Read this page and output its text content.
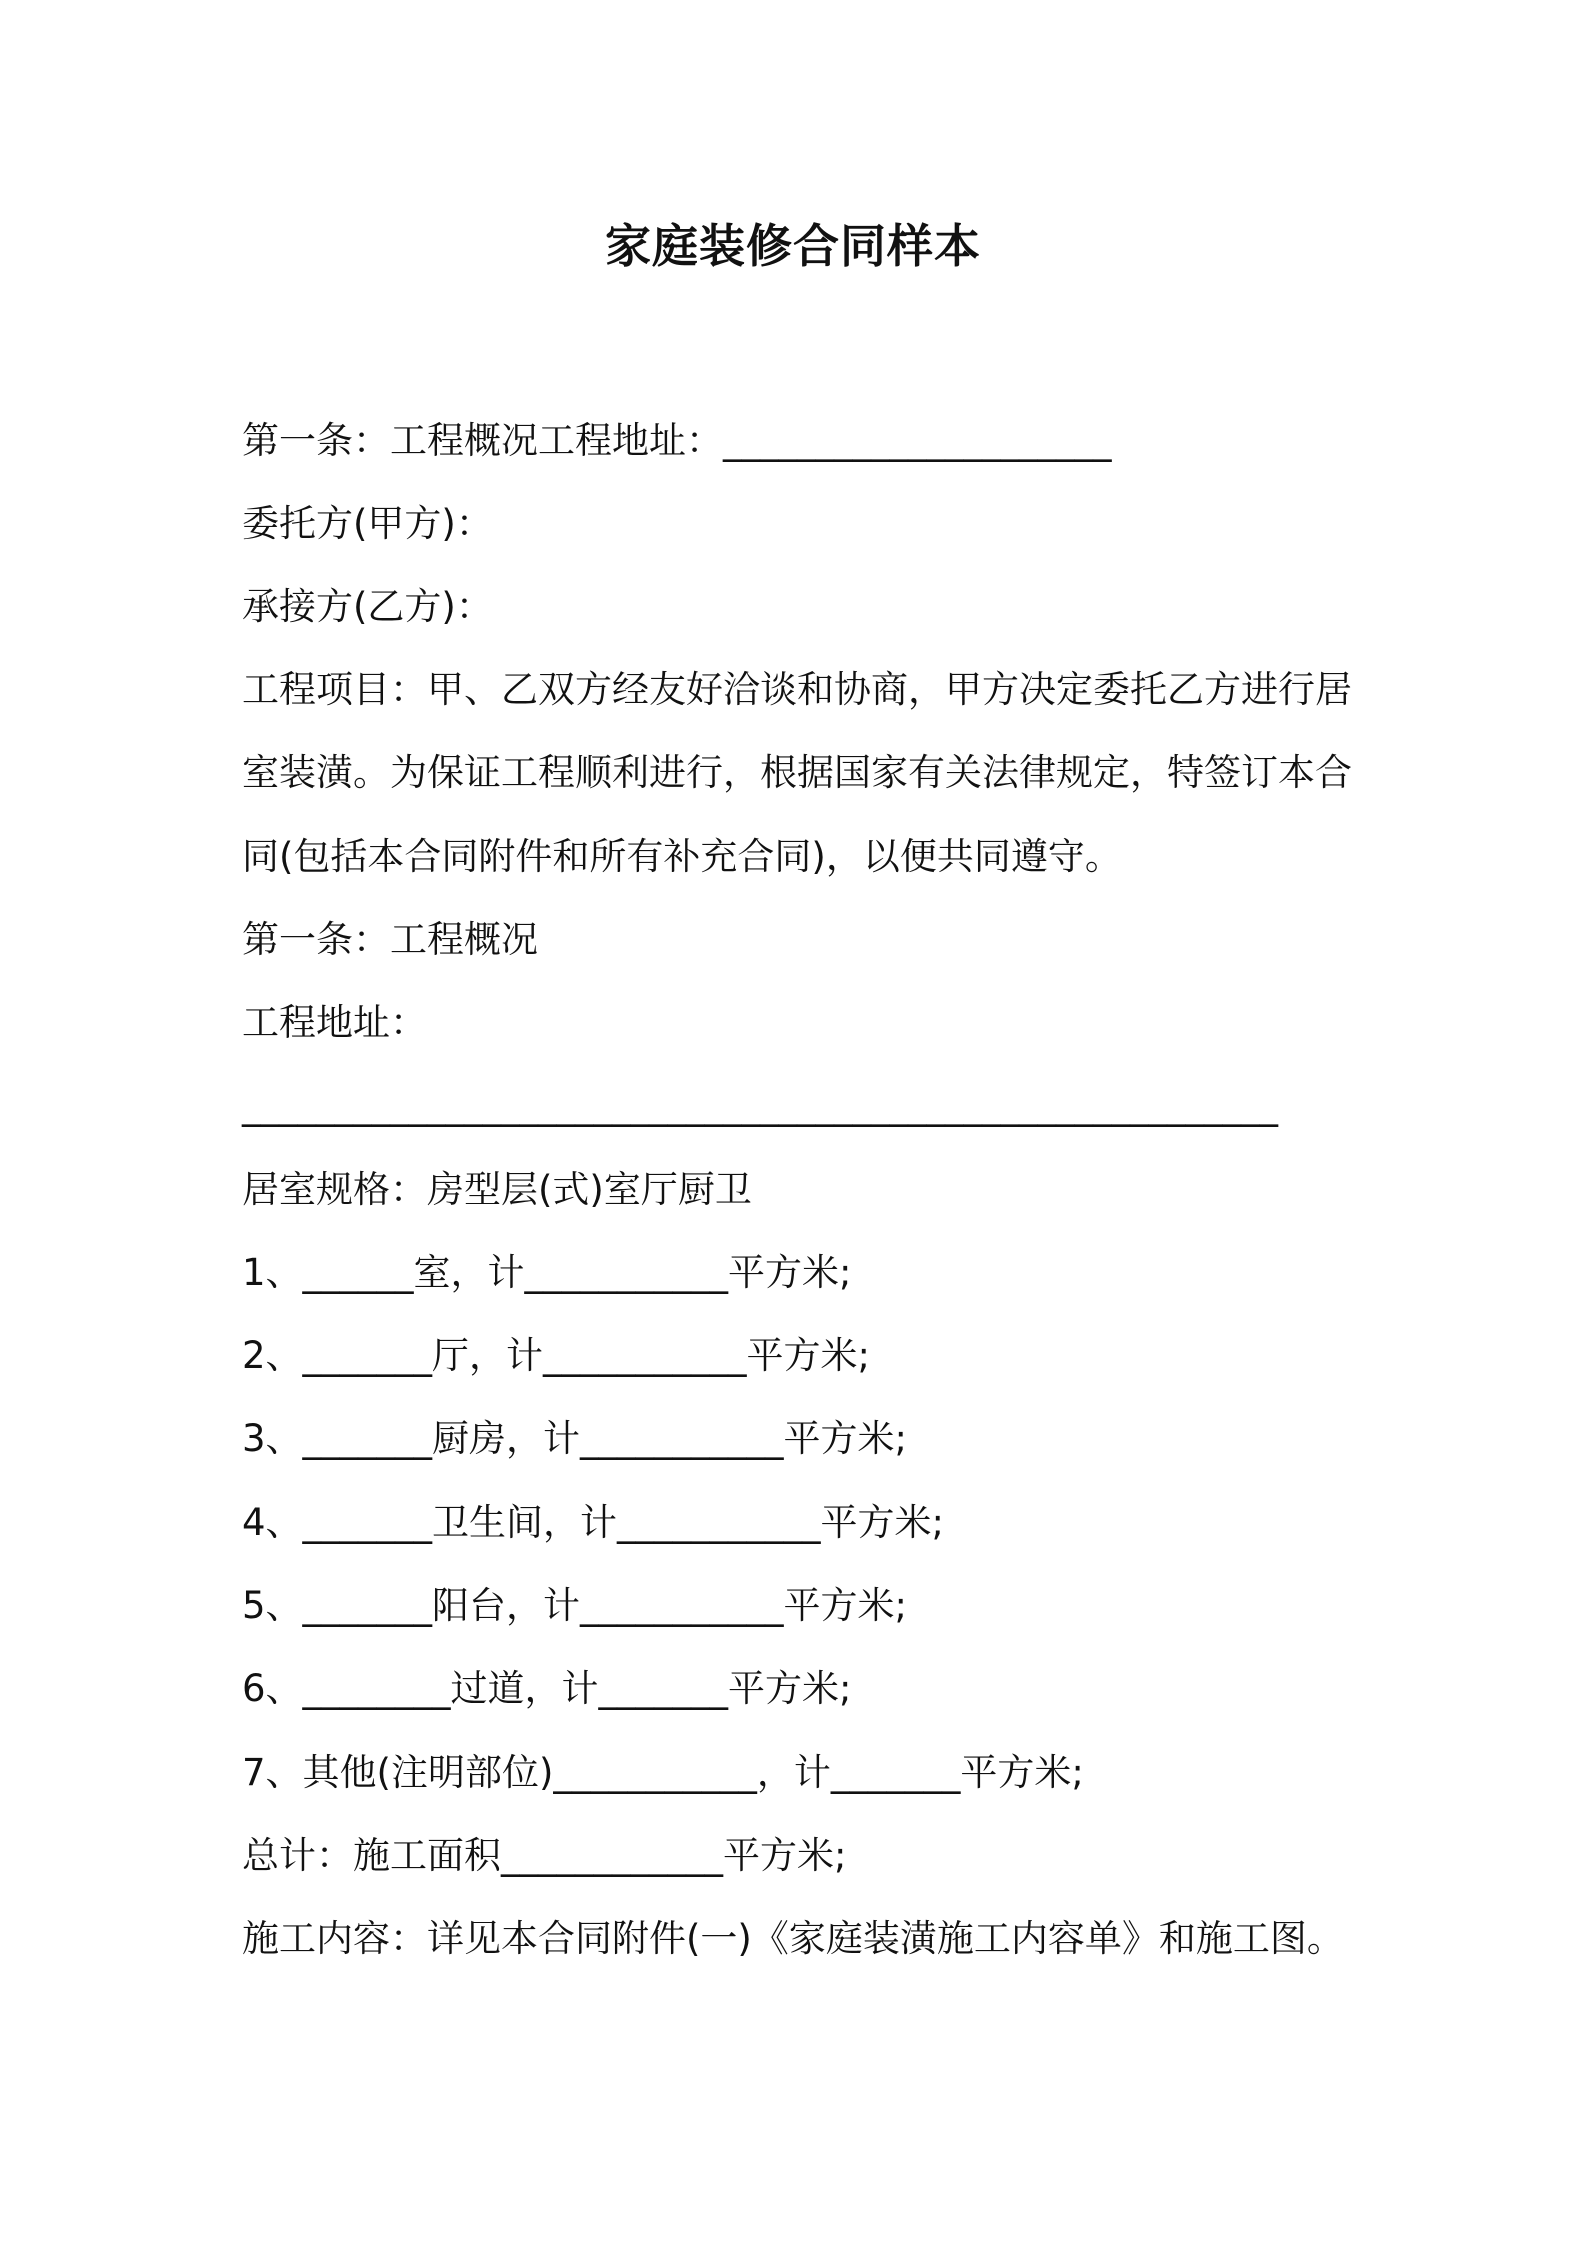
家庭装修合同样本
第一条：工程概况工程地址：_____________________
委托方(甲方)：
承接方(乙方)：
工程项目：甲、乙双方经友好洽谈和协商，甲方决定委托乙方进行居
室装潢。为保证工程顺利进行，根据国家有关法律规定，特签订本合
同(包括本合同附件和所有补充合同)，以便共同遵守。
第一条：工程概况
工程地址：
________________________________________________________
居室规格：房型层(式)室厅厨卫
1、______室，计___________平方米;
2、_______厅，计___________平方米;
3、_______厨房，计___________平方米;
4、_______卫生间，计___________平方米;
5、_______阳台，计___________平方米;
6、________过道，计_______平方米;
7、其他(注明部位)___________，计_______平方米;
总计：施工面积____________平方米;
施工内容：详见本合同附件(一)《家庭装潢施工内容单》和施工图。
